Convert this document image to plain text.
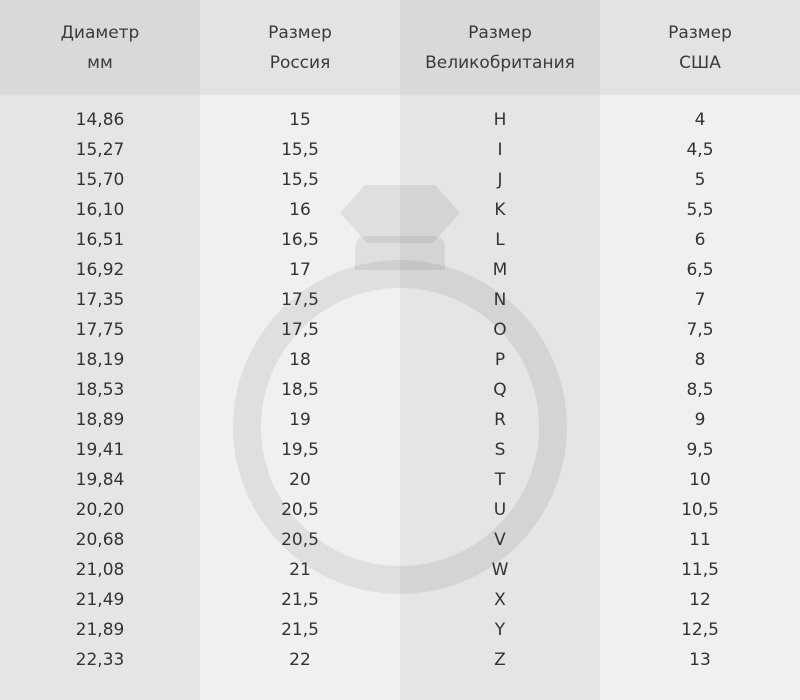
Диаметр
мм
14,86
15,27
15,70
16,10
16,51
16,92
17,35
17,75
18,19
18,53
18,89
19,41
19,84
20,20
20,68
21,08
21,49
21,89
22,33
Размер
Россия
15
15,5
15,5
16
16,5
17
17,5
17,5
18
18,5
19
19,5
20
20,5
20,5
21
21,5
21,5
22
Размер
Великобритания
H
I
J
K
L
M
N
O
P
Q
R
S
T
U
V
W
X
Y
Z
Размер
США
4
4,5
5
5,5
6
6,5
7
7,5
8
8,5
9
9,5
10
10,5
11
11,5
12
12,5
13
